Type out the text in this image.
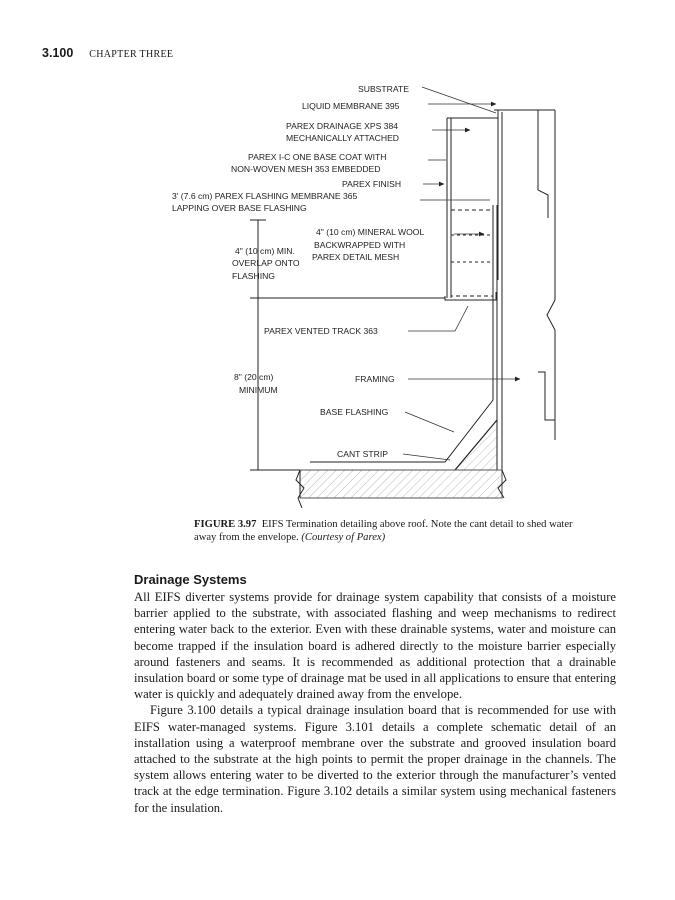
3.100 CHAPTER THREE
SUBSTRATE
LIQUID MEMBRANE 395
PAREX DRAINAGE XPS 384
MECHANICALLY ATTACHED
PAREX I-C ONE BASE COAT WITH
NON-WOVEN MESH 353 EMBEDDED
PAREX FINISH
3' (7.6 cm) PAREX FLASHING MEMBRANE 365
LAPPING OVER BASE FLASHING
4" (10 cm) MINERAL WOOL
BACKWRAPPED WITH
PAREX DETAIL MESH
4" (10 cm) MIN.
OVERLAP ONTO
FLASHING
PAREX VENTED TRACK 363
8" (20 cm)
MINIMUM
FRAMING
BASE FLASHING
CANT STRIP
FIGURE 3.97 EIFS Termination detailing above roof. Note the cant detail to shed water away from the envelope. (Courtesy of Parex)
Drainage Systems

All EIFS diverter systems provide for drainage system capability that consists of a moisture barrier applied to the substrate, with associated flashing and weep mechanisms to redirect entering water back to the exterior. Even with these drainable systems, water and moisture can become trapped if the insulation board is adhered directly to the moisture barrier especially around fasteners and seams. It is recommended as additional protection that a drainable insulation board or some type of drainage mat be used in all applications to ensure that entering water is quickly and adequately drained away from the envelope.

Figure 3.100 details a typical drainage insulation board that is recommended for use with EIFS water-managed systems. Figure 3.101 details a complete schematic detail of an installation using a waterproof membrane over the substrate and grooved insulation board attached to the substrate at the high points to permit the proper drainage in the channels. The system allows entering water to be diverted to the exterior through the manufacturer’s vented track at the edge termination. Figure 3.102 details a similar system using mechanical fasteners for the insulation.
